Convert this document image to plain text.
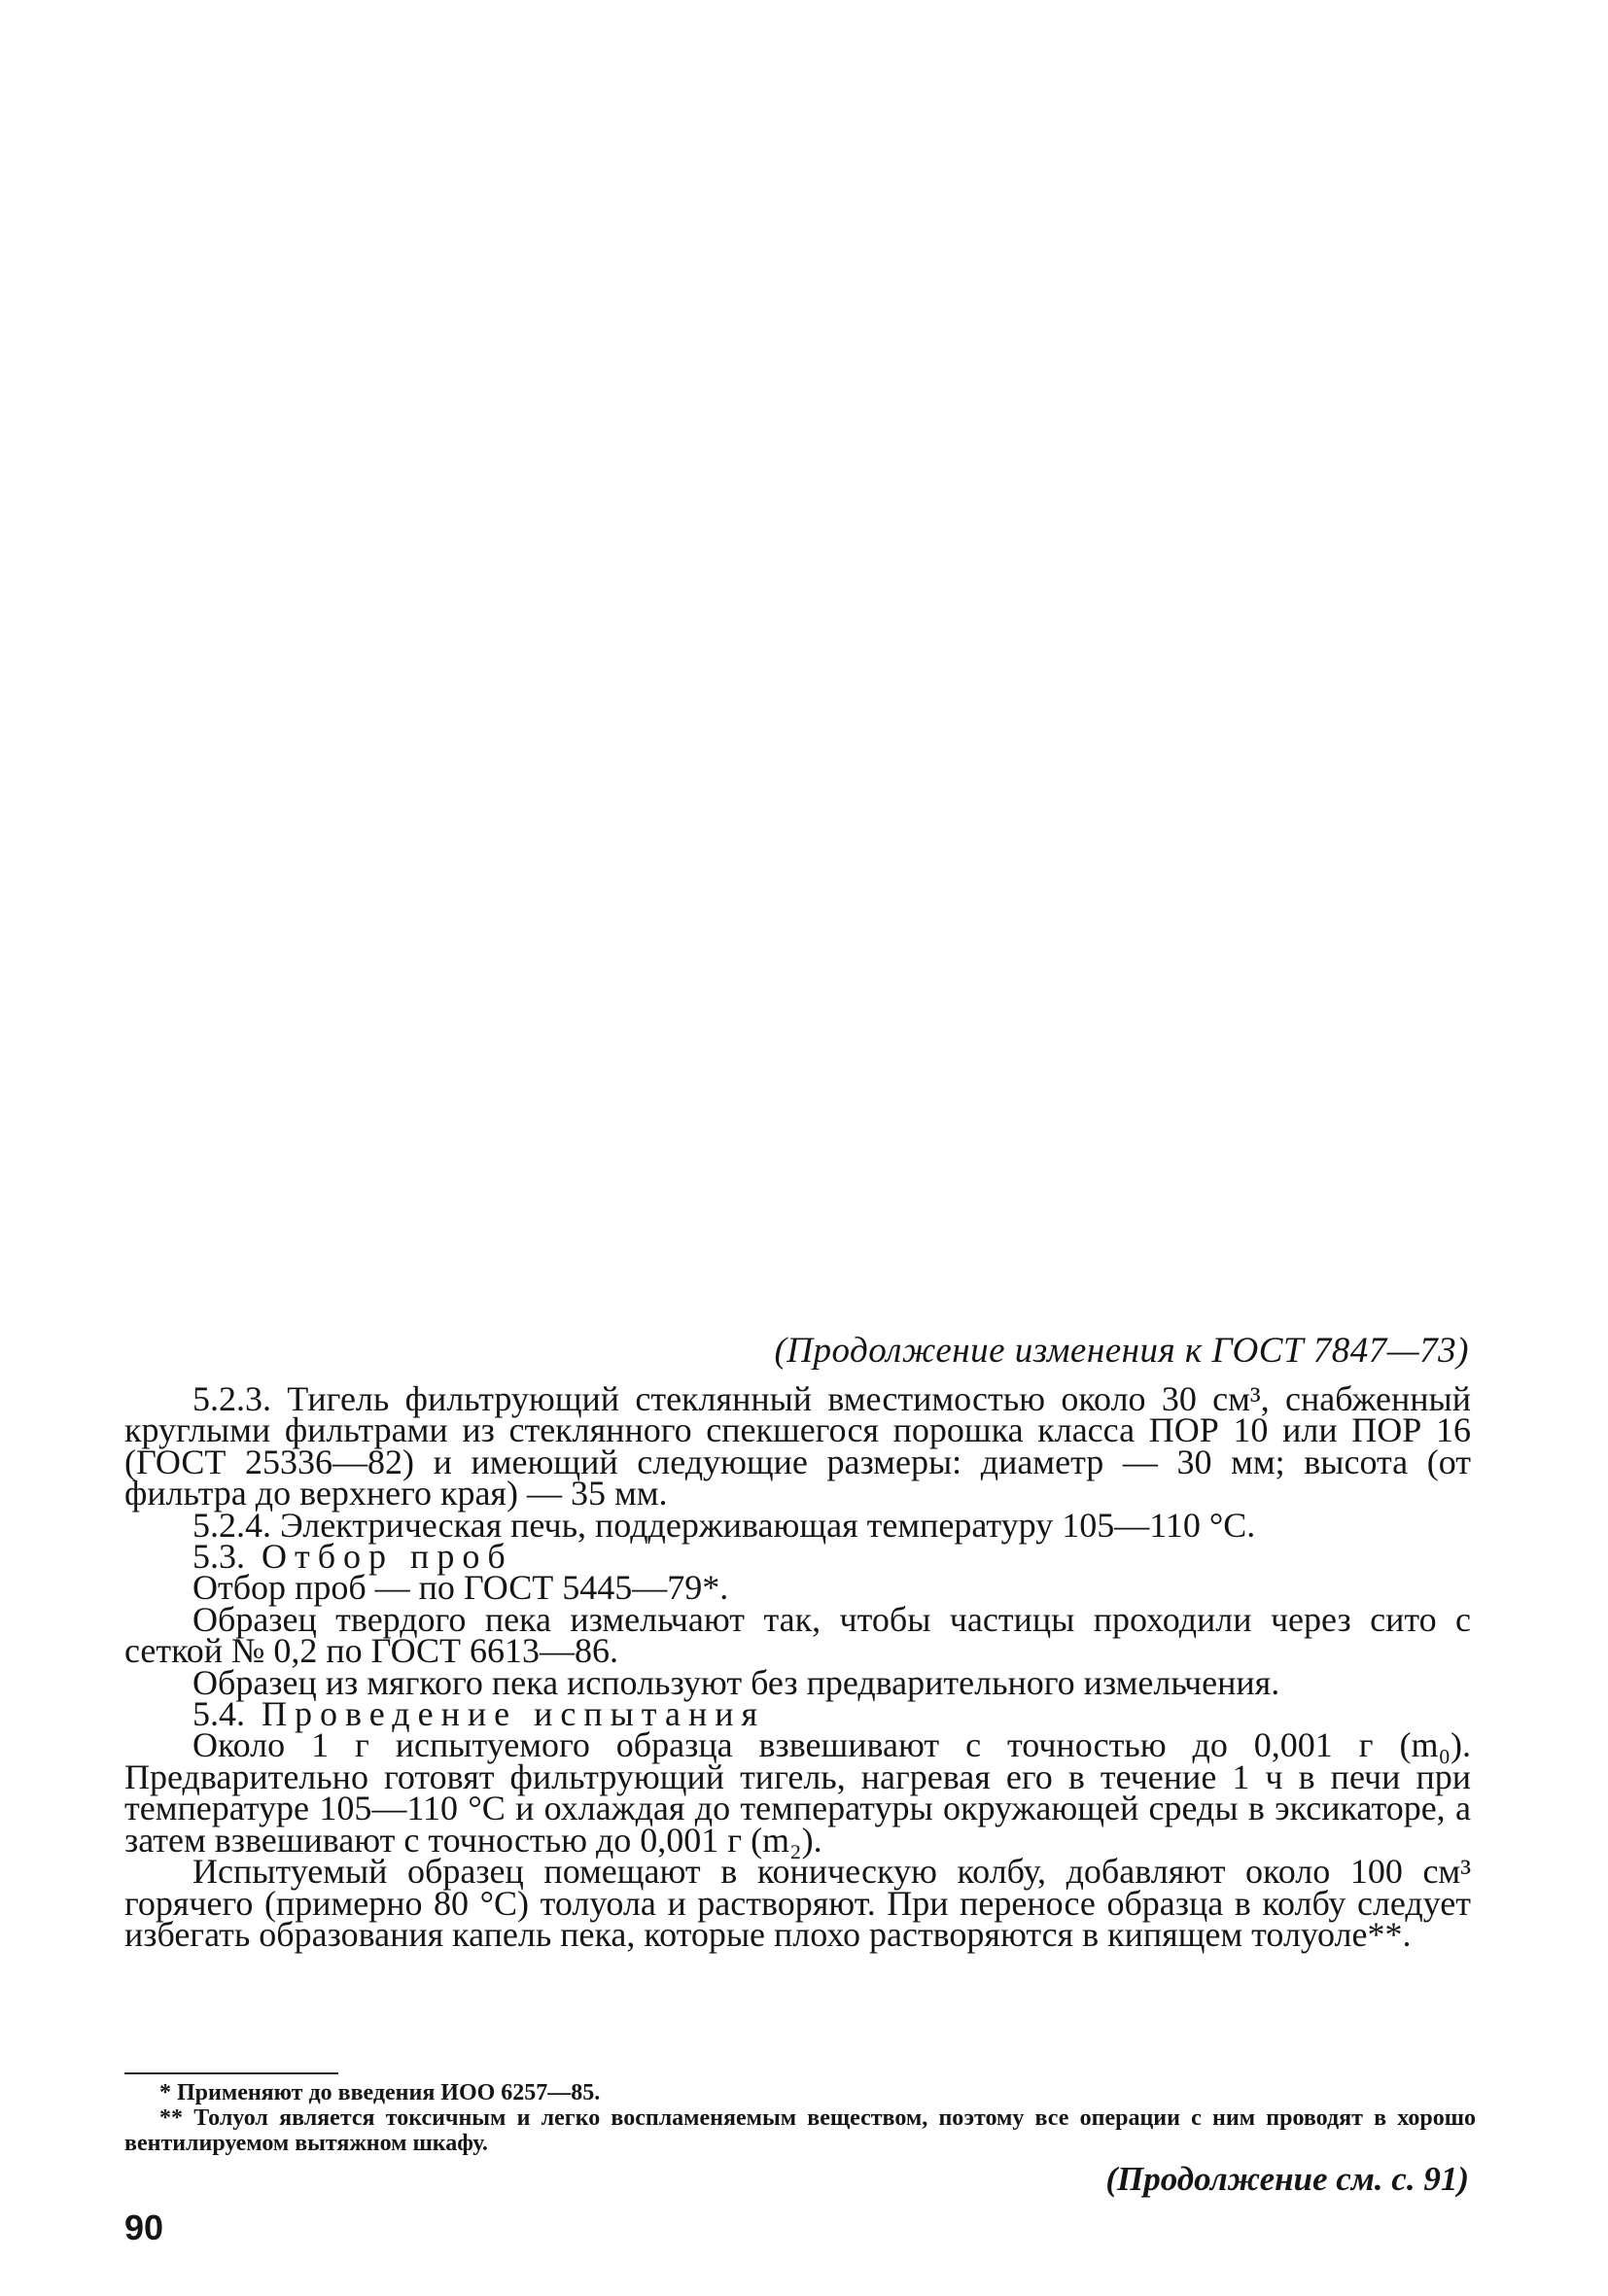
(Продолжение изменения к ГОСТ 7847—73)

5.2.3. Тигель фильтрующий стеклянный вместимостью около 30 см³, снабженный круглыми фильтрами из стеклянного спекшегося порошка класса ПОР 10 или ПОР 16 (ГОСТ 25336—82) и имеющий следующие размеры: диаметр — 30 мм; высота (от фильтра до верхнего края) — 35 мм.

5.2.4. Электрическая печь, поддерживающая температуру 105—110 °С.

5.3. Отбор проб

Отбор проб — по ГОСТ 5445—79*.

Образец твердого пека измельчают так, чтобы частицы проходили через сито с сеткой № 0,2 по ГОСТ 6613—86.

Образец из мягкого пека используют без предварительного измельчения.

5.4. Проведение испытания

Около 1 г испытуемого образца взвешивают с точностью до 0,001 г (m₀). Предварительно готовят фильтрующий тигель, нагревая его в течение 1 ч в печи при температуре 105—110 °С и охлаждая до температуры окружающей среды в эксикаторе, а затем взвешивают с точностью до 0,001 г (m₂).

Испытуемый образец помещают в коническую колбу, добавляют около 100 см³ горячего (примерно 80 °С) толуола и растворяют. При переносе образца в колбу следует избегать образования капель пека, которые плохо растворяются в кипящем толуоле**.

* Применяют до введения ИОО 6257—85.

** Толуол является токсичным и легко воспламеняемым веществом, поэтому все операции с ним проводят в хорошо вентилируемом вытяжном шкафу.

(Продолжение см. с. 91)
90
